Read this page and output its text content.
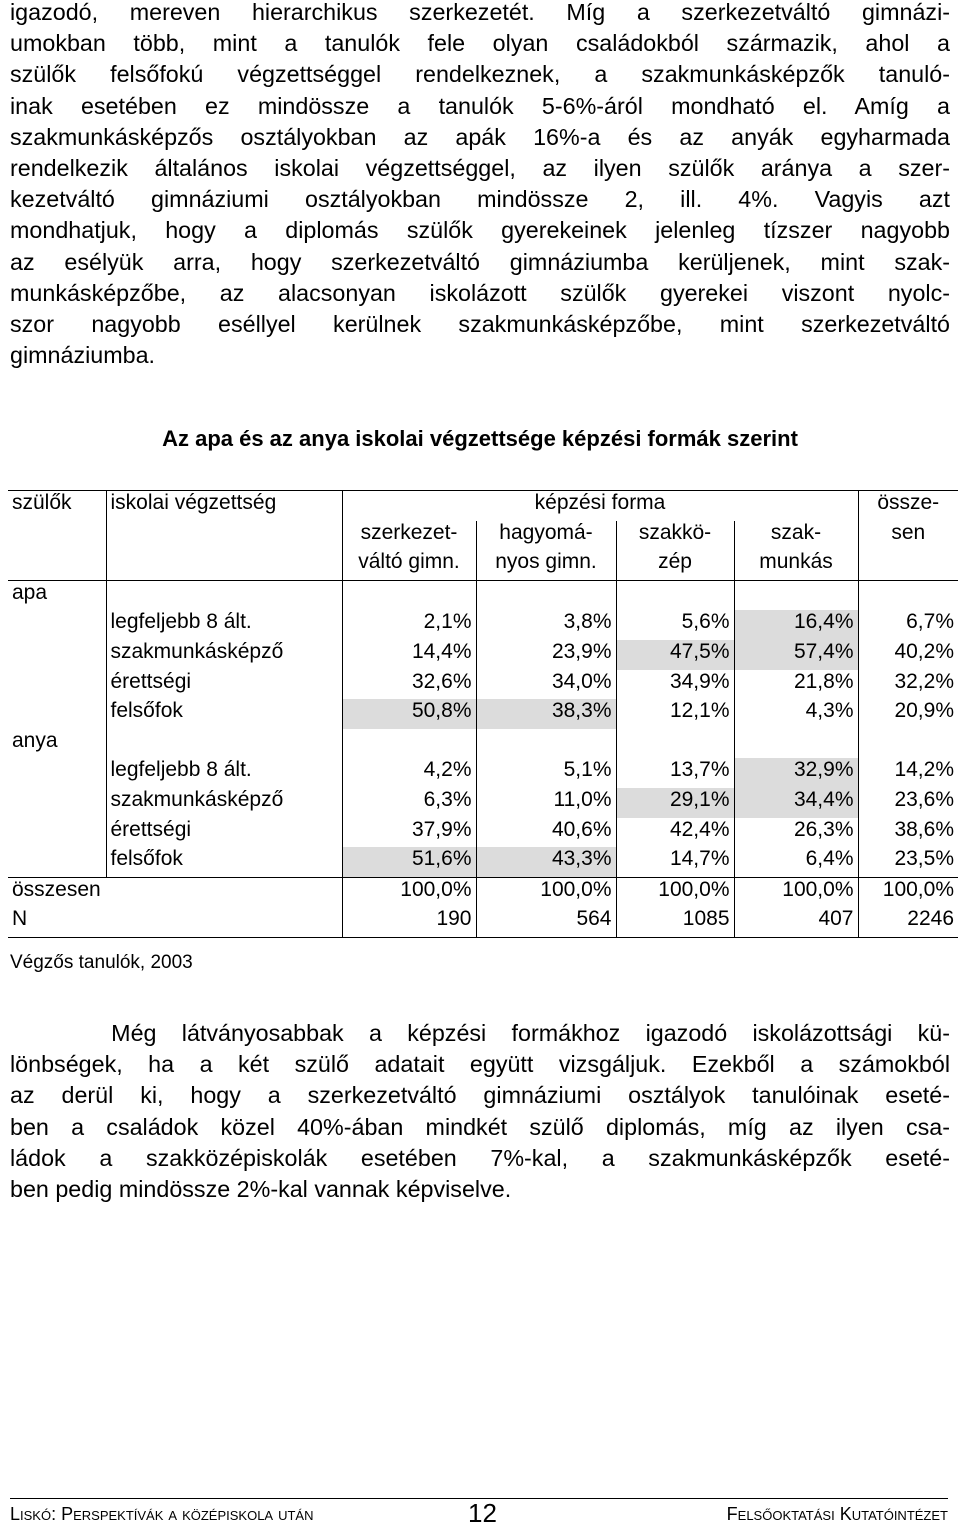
igazodó, mereven hierarchikus szerkezetét. Míg a szerkezetváltó gimnázi-
umokban több, mint a tanulók fele olyan családokból származik, ahol a
szülők felsőfokú végzettséggel rendelkeznek, a szakmunkásképzők tanuló-
inak esetében ez mindössze a tanulók 5-6%-áról mondható el. Amíg a
szakmunkásképzős osztályokban az apák 16%-a és az anyák egyharmada
rendelkezik általános iskolai végzettséggel, az ilyen szülők aránya a szer-
kezetváltó gimnáziumi osztályokban mindössze 2, ill. 4%. Vagyis azt
mondhatjuk, hogy a diplomás szülők gyerekeinek jelenleg tízszer nagyobb
az esélyük arra, hogy szerkezetváltó gimnáziumba kerüljenek, mint szak-
munkásképzőbe, az alacsonyan iskolázott szülők gyerekei viszont nyolc-
szor nagyobb eséllyel kerülnek szakmunkásképzőbe, mint szerkezetváltó
gimnáziumba.
Az apa és az anya iskolai végzettsége képzési formák szerint
szülők	iskolai végzettség	képzési forma				össze-
		szerkezet-	hagyomá-	szakkö-	szak-	sen
		váltó gimn.	nyos gimn.	zép	munkás	
apa						
	legfeljebb 8 ált.	2,1%	3,8%	5,6%	16,4%	6,7%
	szakmunkásképző	14,4%	23,9%	47,5%	57,4%	40,2%
	érettségi	32,6%	34,0%	34,9%	21,8%	32,2%
	felsőfok	50,8%	38,3%	12,1%	4,3%	20,9%
anya						
	legfeljebb 8 ált.	4,2%	5,1%	13,7%	32,9%	14,2%
	szakmunkásképző	6,3%	11,0%	29,1%	34,4%	23,6%
	érettségi	37,9%	40,6%	42,4%	26,3%	38,6%
	felsőfok	51,6%	43,3%	14,7%	6,4%	23,5%
összesen		100,0%	100,0%	100,0%	100,0%	100,0%
N		190	564	1085	407	2246
Végzős tanulók, 2003
Még látványosabbak a képzési formákhoz igazodó iskolázottsági kü-
lönbségek, ha a két szülő adatait együtt vizsgáljuk. Ezekből a számokból
az derül ki, hogy a szerkezetváltó gimnáziumi osztályok tanulóinak eseté-
ben a családok közel 40%-ában mindkét szülő diplomás, míg az ilyen csa-
ládok a szakközépiskolák esetében 7%-kal, a szakmunkásképzők eseté-
ben pedig mindössze 2%-kal vannak képviselve.
Liskó: Perspektívák a középiskola után	12	Felsőoktatási Kutatóintézet
